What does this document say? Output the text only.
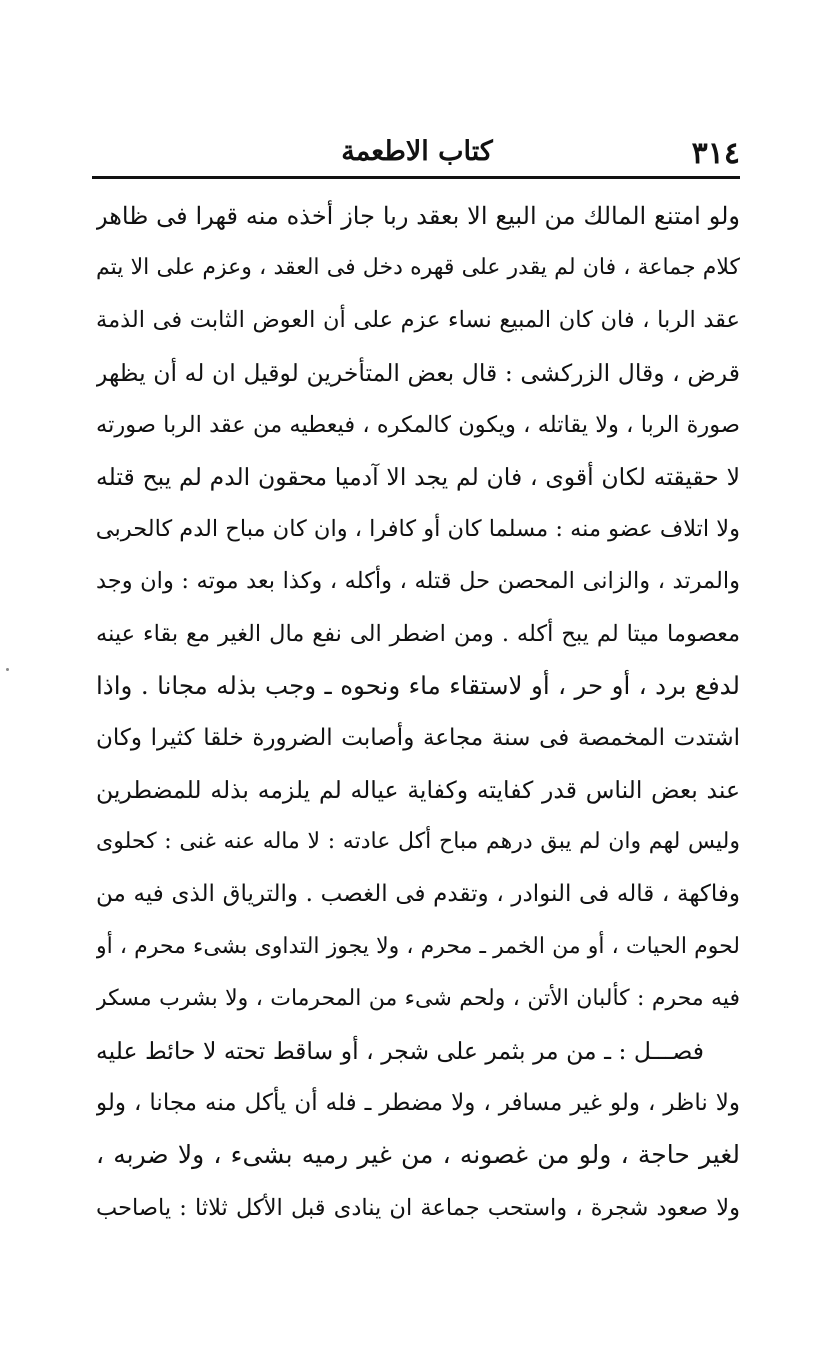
٣١٤
كتاب الاطعمة
ولو امتنع المالك من البيع الا بعقد ربا جاز أخذه منه قهرا فى ظاهر
كلام جماعة ، فان لم يقدر على قهره دخل فى العقد ، وعزم على الا يتم
عقد الربا ، فان كان المبيع نساء عزم على أن العوض الثابت فى الذمة
قرض ، وقال الزركشى : قال بعض المتأخرين لوقيل ان له أن يظهر
صورة الربا ، ولا يقاتله ، ويكون كالمكره ، فيعطيه من عقد الربا صورته
لا حقيقته لكان أقوى ، فان لم يجد الا آدميا محقون الدم لم يبح قتله
ولا اتلاف عضو منه : مسلما كان أو كافرا ، وان كان مباح الدم كالحربى
والمرتد ، والزانى المحصن حل قتله ، وأكله ، وكذا بعد موته : وان وجد
معصوما ميتا لم يبح أكله . ومن اضطر الى نفع مال الغير مع بقاء عينه
لدفع برد ، أو حر ، أو لاستقاء ماء ونحوه ـ وجب بذله مجانا . واذا
اشتدت المخمصة فى سنة مجاعة وأصابت الضرورة خلقا كثيرا وكان
عند بعض الناس قدر كفايته وكفاية عياله لم يلزمه بذله للمضطرين
وليس لهم وان لم يبق درهم مباح أكل عادته : لا ماله عنه غنى : كحلوى
وفاكهة ، قاله فى النوادر ، وتقدم فى الغصب . والترياق الذى فيه من
لحوم الحيات ، أو من الخمر ـ محرم ، ولا يجوز التداوى بشىء محرم ، أو
فيه محرم : كألبان الأتن ، ولحم شىء من المحرمات ، ولا بشرب مسكر
فصـــل : ـ من مر بثمر على شجر ، أو ساقط تحته لا حائط عليه
ولا ناظر ، ولو غير مسافر ، ولا مضطر ـ فله أن يأكل منه مجانا ، ولو
لغير حاجة ، ولو من غصونه ، من غير رميه بشىء ، ولا ضربه ،
ولا صعود شجرة ، واستحب جماعة ان ينادى قبل الأكل ثلاثا : ياصاحب
